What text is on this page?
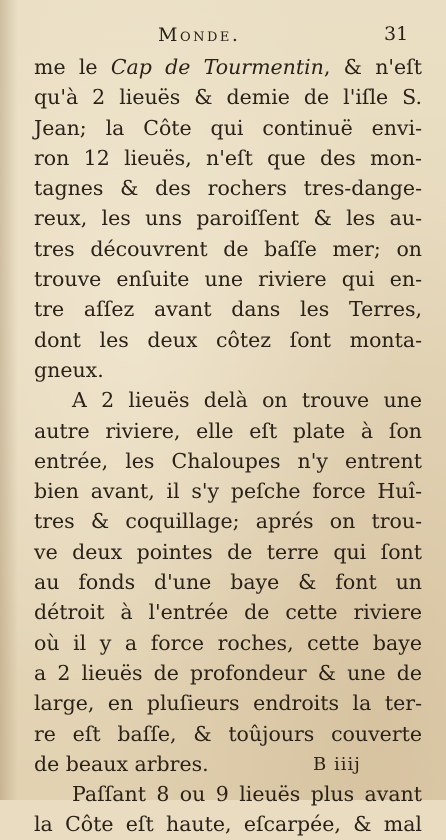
Monde.	31
me le Cap de Tourmentin, & n'eſt
qu'à 2 lieuës & demie de l'iſle S.
Jean; la Côte qui continuë envi-
ron 12 lieuës, n'eſt que des mon-
tagnes & des rochers tres-dange-
reux, les uns paroiſſent & les au-
tres découvrent de baſſe mer; on
trouve enſuite une riviere qui en-
tre aſſez avant dans les Terres,
dont les deux côtez ſont monta-
gneux.
A 2 lieuës delà on trouve une
autre riviere, elle eſt plate à ſon
entrée, les Chaloupes n'y entrent
bien avant, il s'y peſche force Huî-
tres & coquillage; aprés on trou-
ve deux pointes de terre qui ſont
au fonds d'une baye & font un
détroit à l'entrée de cette riviere
où il y a force roches, cette baye
a 2 lieuës de profondeur & une de
large, en pluſieurs endroits la ter-
re eſt baſſe, & toûjours couverte
de beaux arbres.
Paſſant 8 ou 9 lieuës plus avant
la Côte eſt haute, eſcarpée, & mal
B iiij
